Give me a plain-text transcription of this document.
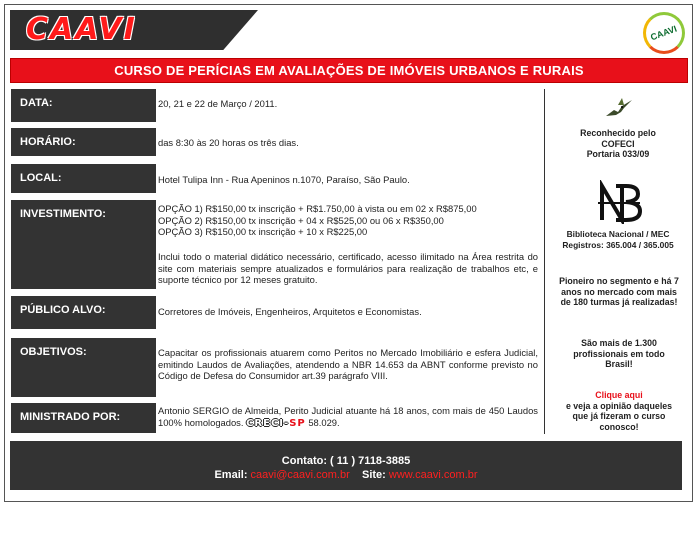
CAAVI	CAAVI
CURSO DE PERÍCIAS EM AVALIAÇÕES DE IMÓVEIS URBANOS E RURAIS
DATA:	20, 21 e 22 de Março / 2011.
HORÁRIO:	das 8:30 às 20 horas os três dias.
LOCAL:	Hotel Tulipa Inn - Rua Apeninos n.1070, Paraíso, São Paulo.
INVESTIMENTO:	OPÇÃO 1) R$150,00 tx inscrição + R$1.750,00 à vista ou em 02 x R$875,00
OPÇÃO 2) R$150,00 tx inscrição + 04 x R$525,00 ou 06 x R$350,00
OPÇÃO 3) R$150,00 tx inscrição + 10 x R$225,00
Inclui todo o material didático necessário, certificado, acesso ilimitado na Área restrita do site com materiais sempre atualizados e formulários para realização de trabalhos etc, e suporte técnico por 12 meses gratuito.
PÚBLICO ALVO:	Corretores de Imóveis, Engenheiros, Arquitetos e Economistas.
OBJETIVOS:	Capacitar os profissionais atuarem como Peritos no Mercado Imobiliário e esfera Judicial, emitindo Laudos de Avaliações, atendendo a NBR 14.653 da ABNT conforme previsto no Código de Defesa do Consumidor art.39 parágrafo VIII.
MINISTRADO POR:
Antonio SERGIO de Almeida, Perito Judicial atuante há 18 anos, com mais de 450 Laudos 100% homologados. CRECI-SP 58.029.
Reconhecido pelo
COFECI
Portaria 033/09
Biblioteca Nacional / MEC
Registros: 365.004 / 365.005
Pioneiro no segmento e há 7 anos no mercado com mais de 180 turmas já realizadas!
São mais de 1.300 profissionais em todo Brasil!
Clique aqui
e veja a opinião daqueles que já fizeram o curso conosco!
Contato: ( 11 ) 7118-3885
Email: caavi@caavi.com.br Site: www.caavi.com.br
